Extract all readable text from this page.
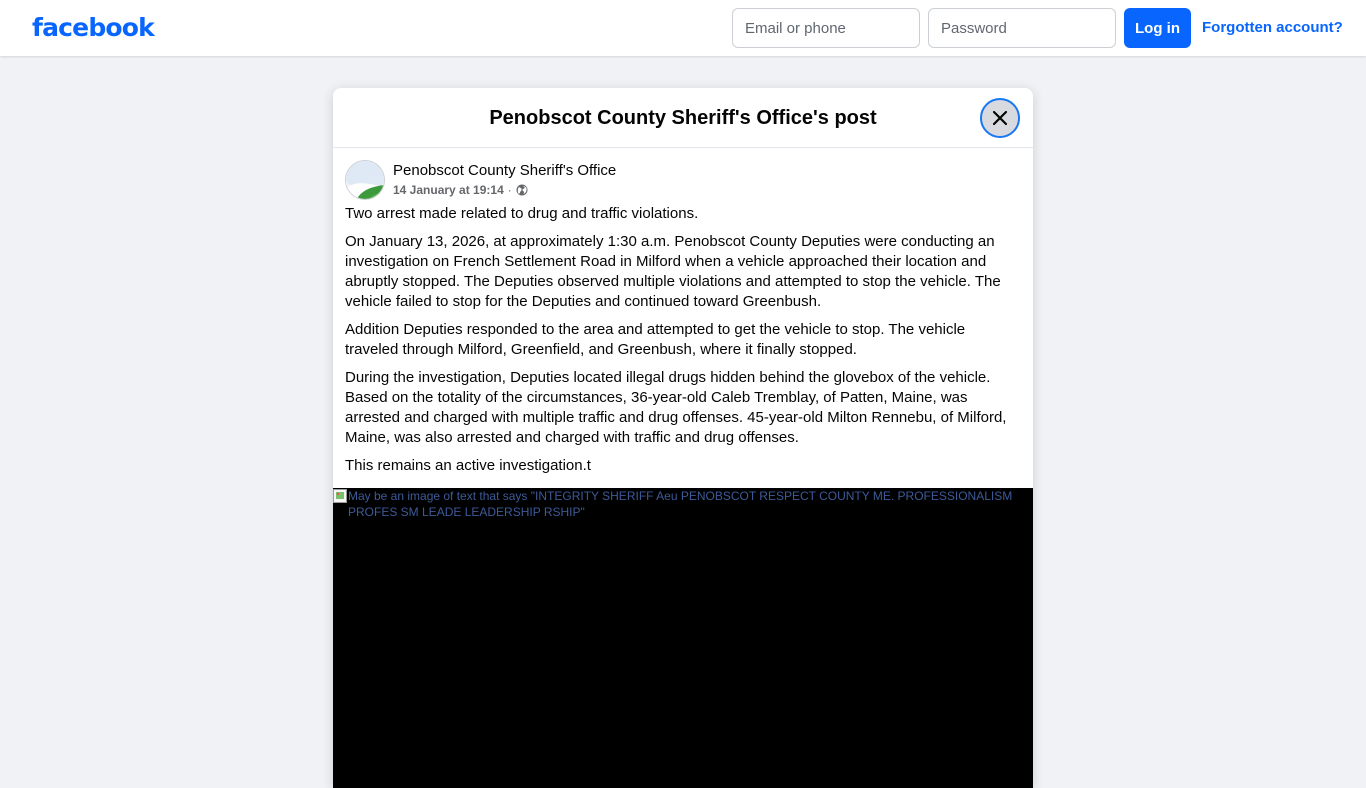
facebook
Email or phone	Log in	Forgotten account?
Penobscot County Sheriff's Office's post
Penobscot County Sheriff's Office
14 January at 19:14 ·

Two arrest made related to drug and traffic violations.

On January 13, 2026, at approximately 1:30 a.m. Penobscot County Deputies were conducting an investigation on French Settlement Road in Milford when a vehicle approached their location and abruptly stopped. The Deputies observed multiple violations and attempted to stop the vehicle. The vehicle failed to stop for the Deputies and continued toward Greenbush.

Addition Deputies responded to the area and attempted to get the vehicle to stop. The vehicle traveled through Milford, Greenfield, and Greenbush, where it finally stopped.

During the investigation, Deputies located illegal drugs hidden behind the glovebox of the vehicle. Based on the totality of the circumstances, 36-year-old Caleb Tremblay, of Patten, Maine, was arrested and charged with multiple traffic and drug offenses. 45-year-old Milton Rennebu, of Milford, Maine, was also arrested and charged with traffic and drug offenses.

This remains an active investigation.t

May be an image of text that says "INTEGRITY SHERIFF Aeu PENOBSCOT RESPECT COUNTY ME. PROFESSIONALISM PROFES SM LEADE LEADERSHIP RSHIP"
